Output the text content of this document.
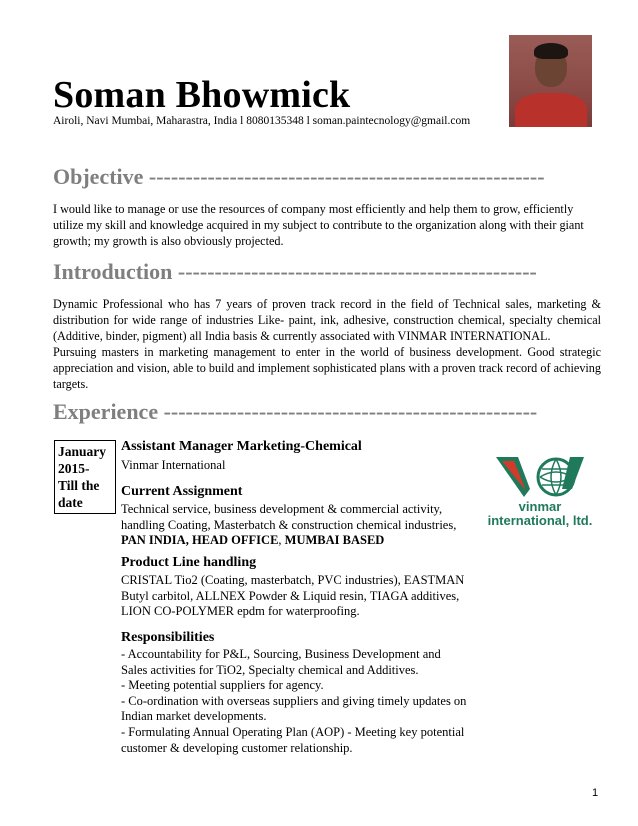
Soman Bhowmick
Airoli, Navi Mumbai, Maharastra, India l 8080135348 l soman.paintecnology@gmail.com
Objective ------------------------------------------------------
I would like to manage or use the resources of company most efficiently and help them to grow, efficiently
utilize my skill and knowledge acquired in my subject to contribute to the organization along with their giant
growth; my growth is also obviously projected.
Introduction -------------------------------------------------

Dynamic Professional who has 7 years of proven track record in the field of Technical sales, marketing & distribution for wide range of industries Like- paint, ink, adhesive, construction chemical, specialty chemical (Additive, binder, pigment) all India basis & currently associated with VINMAR INTERNATIONAL.

Pursuing masters in marketing management to enter in the world of business development. Good strategic appreciation and vision, able to build and implement sophisticated plans with a proven track record of achieving targets.

Experience ---------------------------------------------------

January

2015-

Till the

date

Assistant Manager Marketing-Chemical
Vinmar International
Current Assignment
Technical service, business development & commercial activity,
handling Coating, Masterbatch & construction chemical industries,
PAN INDIA, HEAD OFFICE, MUMBAI BASED
Product Line handling
CRISTAL Tio2 (Coating, masterbatch, PVC industries), EASTMAN
Butyl carbitol, ALLNEX Powder & Liquid resin, TIAGA additives,
LION CO-POLYMER epdm for waterproofing.
Responsibilities
- Accountability for P&L, Sourcing, Business Development and
Sales activities for TiO2, Specialty chemical and Additives.
- Meeting potential suppliers for agency.
- Co-ordination with overseas suppliers and giving timely updates on
Indian market developments.
- Formulating Annual Operating Plan (AOP) - Meeting key potential
customer & developing customer relationship.
vinmar
international, ltd.
1
